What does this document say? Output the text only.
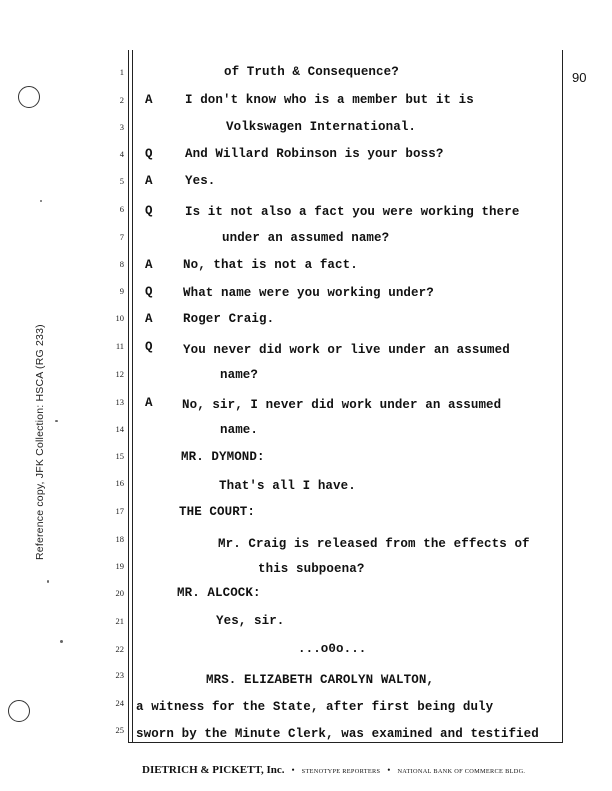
Reference copy, JFK Collection: HSCA (RG 233)
90
1	of Truth & Consequence?
2 A	I don't know who is a member but it is
3	Volkswagen International.
4 Q	And Willard Robinson is your boss?
5 A	Yes.
6 Q	Is it not also a fact you were working there
7	under an assumed name?
8 A No, that is not a fact.
9 Q What name were you working under?
10 A Roger Craig.
11 Q You never did work or live under an assumed
12	name?
13 A No, sir, I never did work under an assumed
14	name.
15	MR. DYMOND:
16	That's all I have.
17	THE COURT:
18	Mr. Craig is released from the effects of
19	this subpoena?
20	MR. ALCOCK:
21	Yes, sir.
22	...o0o...
23	MRS. ELIZABETH CAROLYN WALTON,
24 a witness for the State, after first being duly
25 sworn by the Minute Clerk, was examined and testified
DIETRICH & PICKETT, Inc. • STENOTYPE REPORTERS • NATIONAL BANK OF COMMERCE BLDG.
